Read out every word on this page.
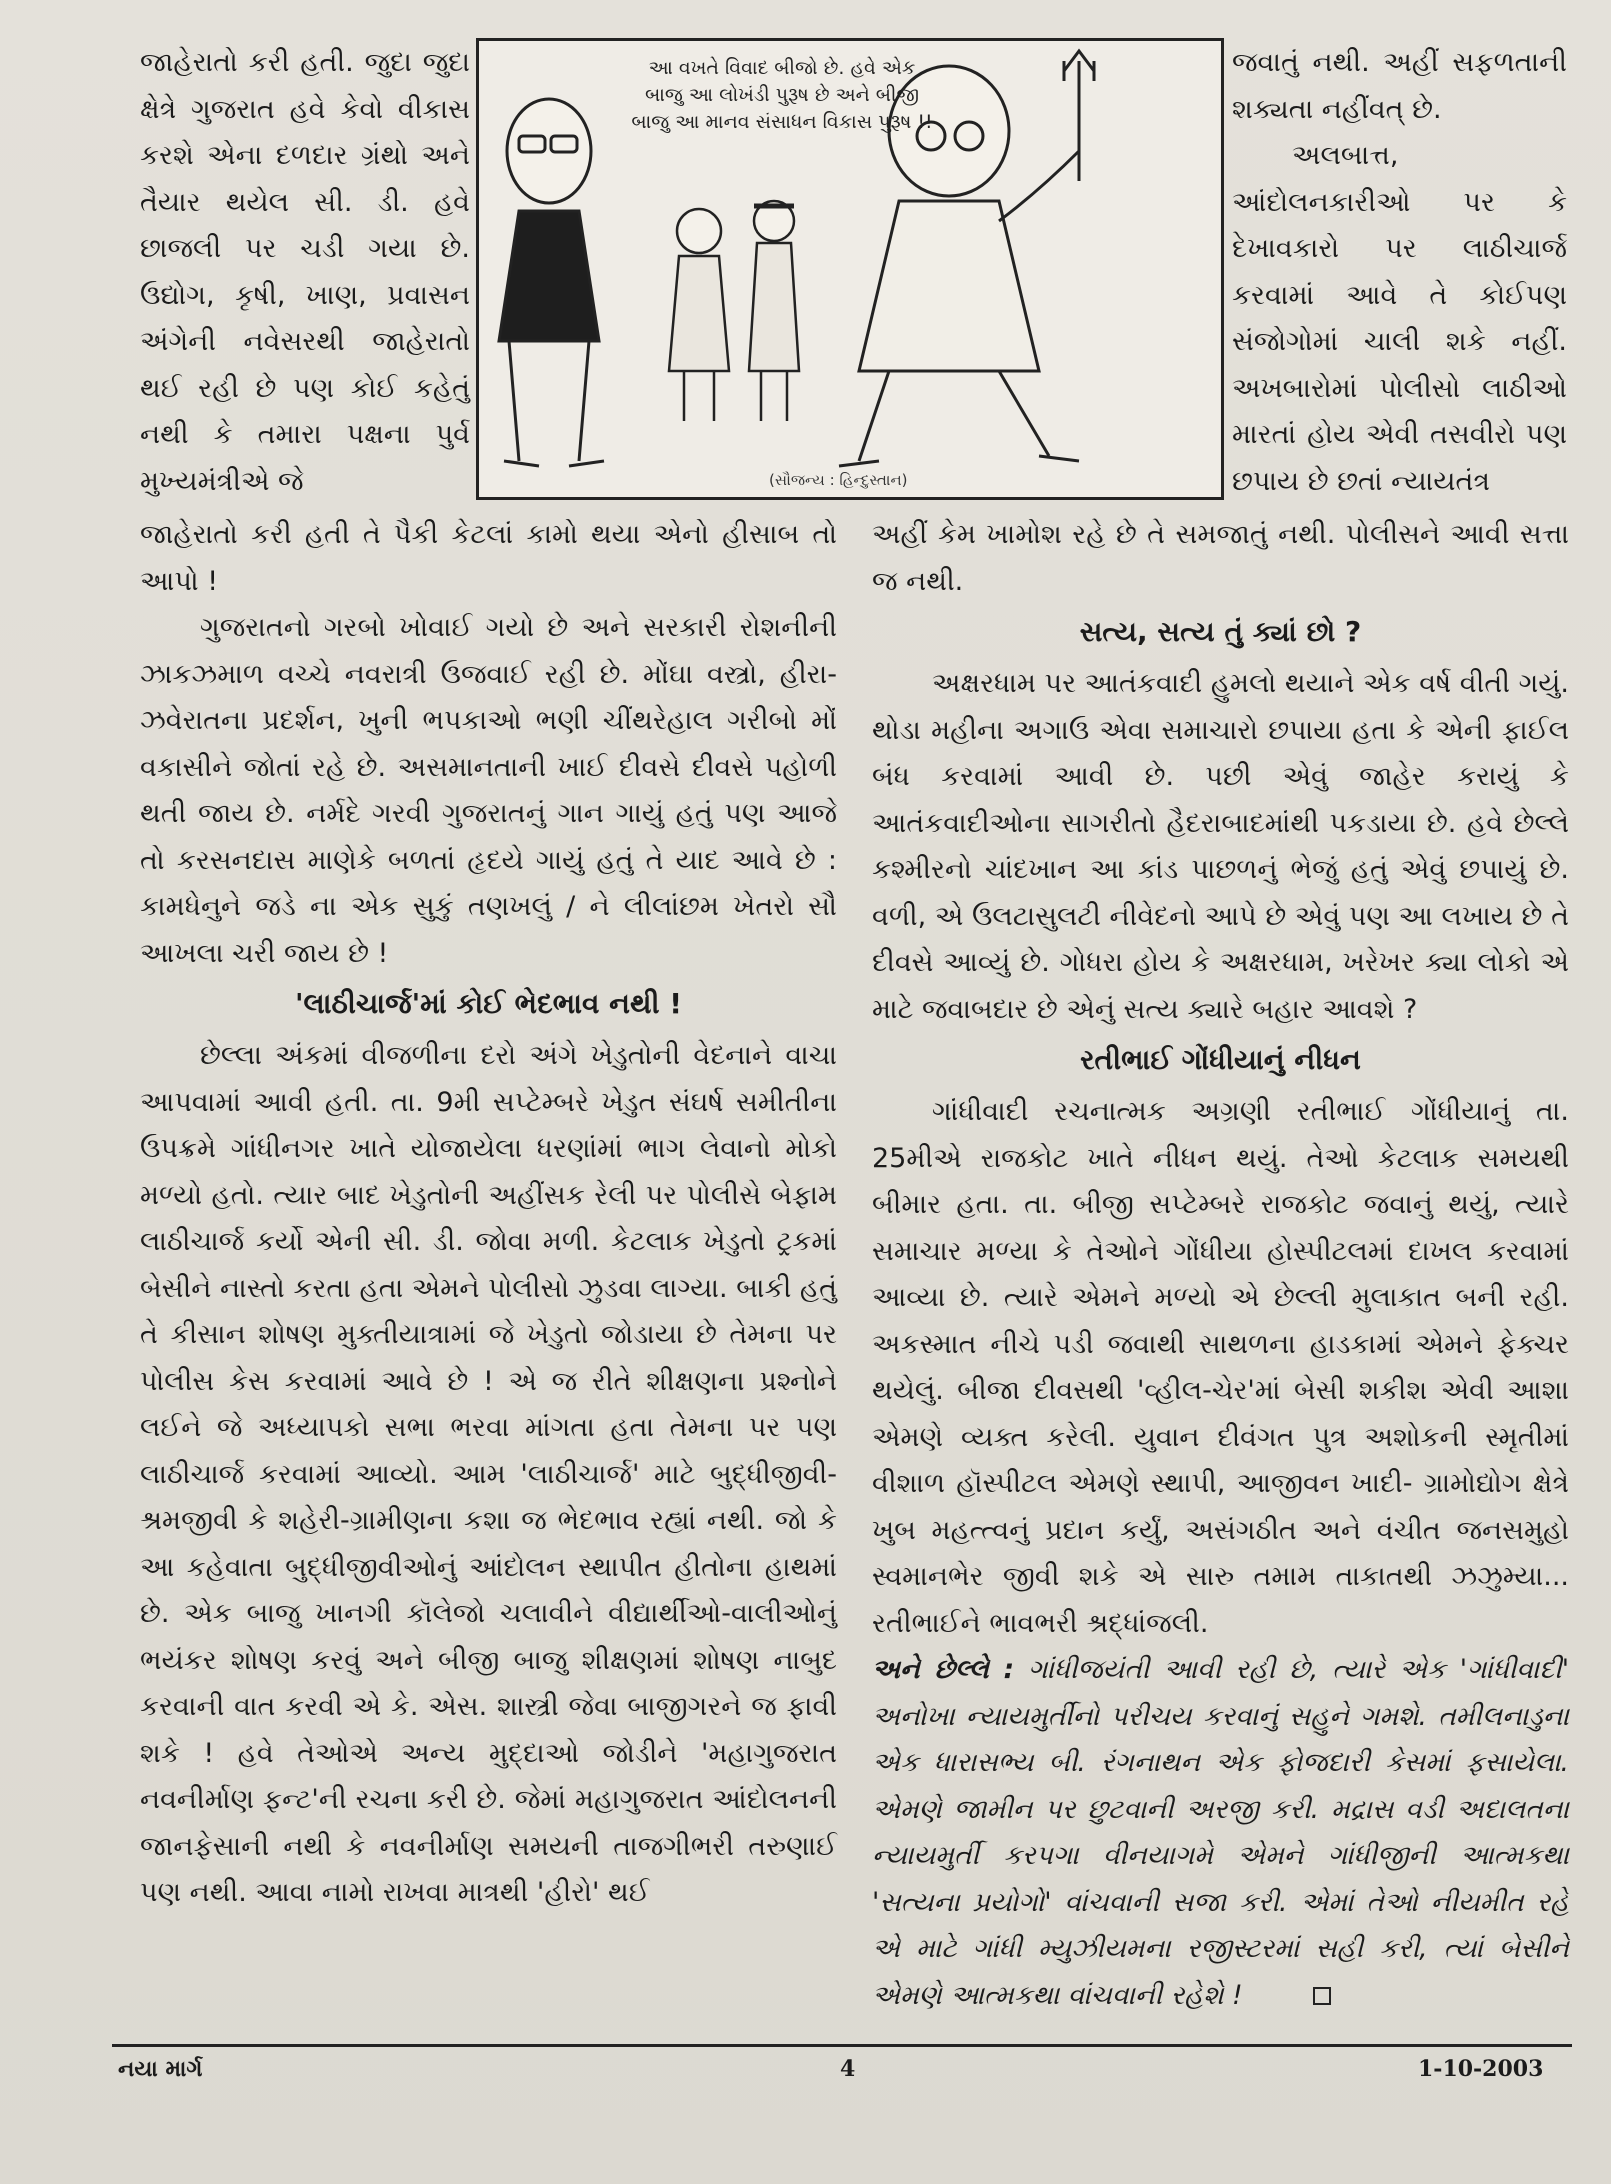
જાહેરાતો કરી હતી. જુદા જુદા ક્ષેત્રે ગુજરાત હવે કેવો વીકાસ કરશે એના દળદાર ગ્રંથો અને તૈયાર થયેલ સી. ડી. હવે છાજલી પર ચડી ગયા છે. ઉદ્યોગ, કૃષી, ખાણ, પ્રવાસન અંગેની નવેસરથી જાહેરાતો થઈ રહી છે પણ કોઈ કહેતું નથી કે તમારા પક્ષના પુર્વ મુખ્યમંત્રીએ જે

આ વખતે વિવાદ બીજો છે. હવે એક બાજુ આ લોખંડી પુરૂષ છે અને બીજી બાજુ આ માનવ સંસાધન વિકાસ પુરૂષ !!
(સૌજન્ય : હિન્દુસ્તાન)

જવાતું નથી. અહીં સફળતાની શક્યતા નહીંવત્ છે.

અલબાત્ત, આંદોલનકારીઓ પર કે દેખાવકારો પર લાઠીચાર્જ કરવામાં આવે તે કોઈપણ સંજોગોમાં ચાલી શકે નહીં. અખબારોમાં પોલીસો લાઠીઓ મારતાં હોય એવી તસવીરો પણ છપાય છે છતાં ન્યાયતંત્ર

જાહેરાતો કરી હતી તે પૈકી કેટલાં કામો થયા એનો હીસાબ તો આપો !

ગુજરાતનો ગરબો ખોવાઈ ગયો છે અને સરકારી રોશનીની ઝાકઝમાળ વચ્ચે નવરાત્રી ઉજવાઈ રહી છે. મોંઘા વસ્ત્રો, હીરા-ઝવેરાતના પ્રદર્શન, ખુની ભપકાઓ ભણી ચીંથરેહાલ ગરીબો મોં વકાસીને જોતાં રહે છે. અસમાનતાની ખાઈ દીવસે દીવસે પહોળી થતી જાય છે. નર્મદે ગરવી ગુજરાતનું ગાન ગાયું હતું પણ આજે તો કરસનદાસ માણેકે બળતાં હૃદયે ગાયું હતું તે યાદ આવે છે : કામધેનુને જડે ના એક સુકું તણખલું / ને લીલાંછમ ખેતરો સૌ આખલા ચરી જાય છે !

'લાઠીચાર્જ'માં કોઈ ભેદભાવ નથી !

છેલ્લા અંકમાં વીજળીના દરો અંગે ખેડુતોની વેદનાને વાચા આપવામાં આવી હતી. તા. 9મી સપ્ટેમ્બરે ખેડુત સંઘર્ષ સમીતીના ઉપક્રમે ગાંધીનગર ખાતે યોજાયેલા ધરણાંમાં ભાગ લેવાનો મોકો મળ્યો હતો. ત્યાર બાદ ખેડુતોની અહીંસક રેલી પર પોલીસે બેફામ લાઠીચાર્જ કર્યો એની સી. ડી. જોવા મળી. કેટલાક ખેડુતો ટ્રકમાં બેસીને નાસ્તો કરતા હતા એમને પોલીસો ઝુડવા લાગ્યા. બાકી હતું તે કીસાન શોષણ મુક્તીયાત્રામાં જે ખેડુતો જોડાયા છે તેમના પર પોલીસ કેસ કરવામાં આવે છે ! એ જ રીતે શીક્ષણના પ્રશ્નોને લઈને જે અધ્યાપકો સભા ભરવા માંગતા હતા તેમના પર પણ લાઠીચાર્જ કરવામાં આવ્યો. આમ 'લાઠીચાર્જ' માટે બુદ્ધીજીવી-શ્રમજીવી કે શહેરી-ગ્રામીણના કશા જ ભેદભાવ રહ્યાં નથી. જો કે આ કહેવાતા બુદ્ધીજીવીઓનું આંદોલન સ્થાપીત હીતોના હાથમાં છે. એક બાજુ ખાનગી કૉલેજો ચલાવીને વીદ્યાર્થીઓ-વાલીઓનું ભયંકર શોષણ કરવું અને બીજી બાજુ શીક્ષણમાં શોષણ નાબુદ કરવાની વાત કરવી એ કે. એસ. શાસ્ત્રી જેવા બાજીગરને જ ફાવી શકે ! હવે તેઓએ અન્ય મુદ્દાઓ જોડીને 'મહાગુજરાત નવનીર્માણ ફન્ટ'ની રચના કરી છે. જેમાં મહાગુજરાત આંદોલનની જાનફેસાની નથી કે નવનીર્માણ સમયની તાજગીભરી તરુણાઈ પણ નથી. આવા નામો રાખવા માત્રથી 'હીરો' થઈ

અહીં કેમ ખામોશ રહે છે તે સમજાતું નથી. પોલીસને આવી સત્તા જ નથી.

સત્ય, સત્ય તું ક્યાં છો ?

અક્ષરધામ પર આતંકવાદી હુમલો થયાને એક વર્ષ વીતી ગયું. થોડા મહીના અગાઉ એવા સમાચારો છપાયા હતા કે એની ફાઈલ બંધ કરવામાં આવી છે. પછી એવું જાહેર કરાયું કે આતંકવાદીઓના સાગરીતો હૈદરાબાદમાંથી પકડાયા છે. હવે છેલ્લે કશ્મીરનો ચાંદખાન આ કાંડ પાછળનું ભેજું હતું એવું છપાયું છે. વળી, એ ઉલટાસુલટી નીવેદનો આપે છે એવું પણ આ લખાય છે તે દીવસે આવ્યું છે. ગોધરા હોય કે અક્ષરધામ, ખરેખર ક્યા લોકો એ માટે જવાબદાર છે એનું સત્ય ક્યારે બહાર આવશે ?

રતીભાઈ ગોંધીયાનું નીધન

ગાંધીવાદી રચનાત્મક અગ્રણી રતીભાઈ ગોંધીયાનું તા. 25મીએ રાજકોટ ખાતે નીધન થયું. તેઓ કેટલાક સમયથી બીમાર હતા. તા. બીજી સપ્ટેમ્બરે રાજકોટ જવાનું થયું, ત્યારે સમાચાર મળ્યા કે તેઓને ગોંધીયા હોસ્પીટલમાં દાખલ કરવામાં આવ્યા છે. ત્યારે એમને મળ્યો એ છેલ્લી મુલાકાત બની રહી. અકસ્માત નીચે પડી જવાથી સાથળના હાડકામાં એમને ફેક્ચર થયેલું. બીજા દીવસથી 'વ્હીલ-ચેર'માં બેસી શકીશ એવી આશા એમણે વ્યક્ત કરેલી. યુવાન દીવંગત પુત્ર અશોકની સ્મૃતીમાં વીશાળ હૉસ્પીટલ એમણે સ્થાપી, આજીવન ખાદી- ગ્રામોદ્યોગ ક્ષેત્રે ખુબ મહત્ત્વનું પ્રદાન કર્યું, અસંગઠીત અને વંચીત જનસમુહો સ્વમાનભેર જીવી શકે એ સારુ તમામ તાકાતથી ઝઝુમ્યા... રતીભાઈને ભાવભરી શ્રદ્ધાંજલી.

અને છેલ્લે : ગાંધીજયંતી આવી રહી છે, ત્યારે એક 'ગાંધીવાદી' અનોખા ન્યાયમુર્તીનો પરીચય કરવાનું સહુને ગમશે. તમીલનાડુના એક ધારાસભ્ય બી. રંગનાથન એક ફોજદારી કેસમાં ફસાયેલા. એમણે જામીન પર છુટવાની અરજી કરી. મદ્રાસ વડી અદાલતના ન્યાયમુર્તી કરપગા વીનયાગમે એમને ગાંધીજીની આત્મકથા 'સત્યના પ્રયોગો' વાંચવાની સજા કરી. એમાં તેઓ નીયમીત રહે એ માટે ગાંધી મ્યુઝીયમના રજીસ્ટરમાં સહી કરી, ત્યાં બેસીને એમણે આત્મકથા વાંચવાની રહેશે !

નયા માર્ગ	4	1-10-2003
